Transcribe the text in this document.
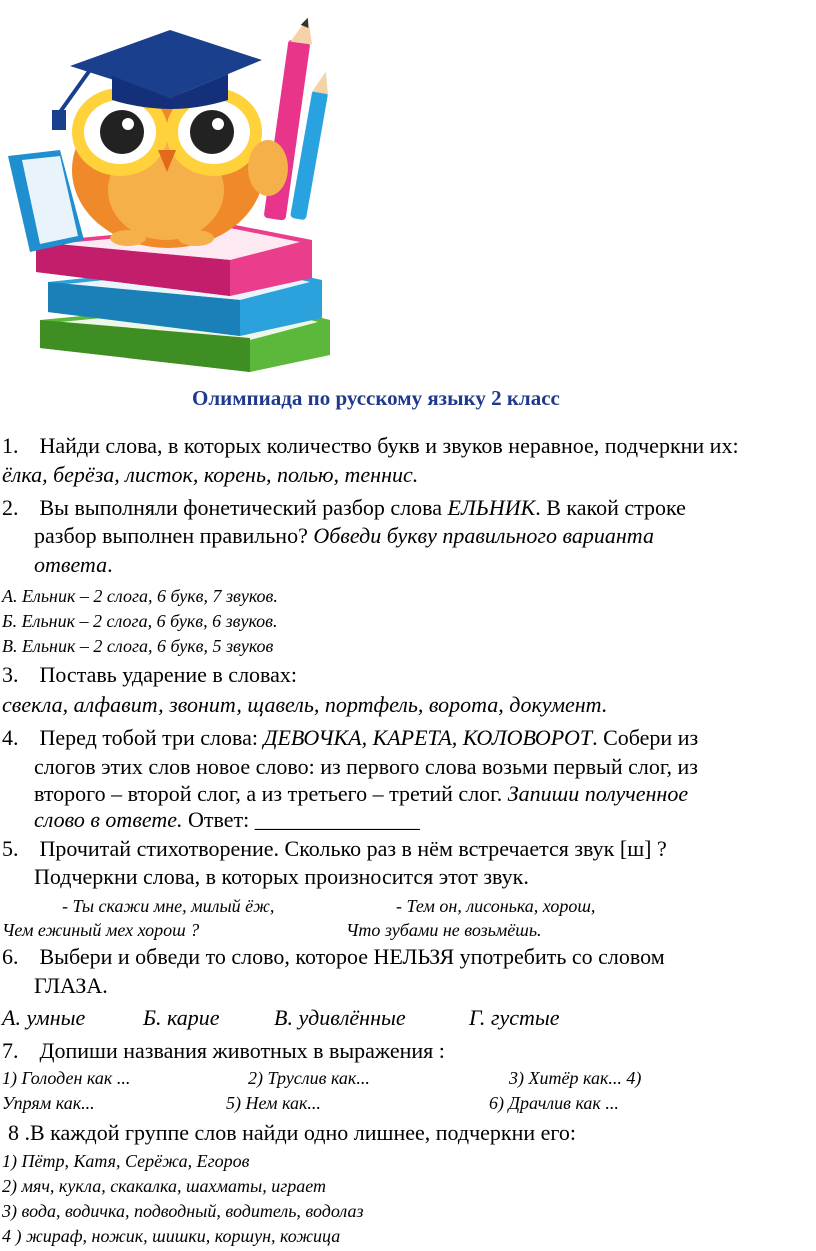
Олимпиада по русскому языку 2 класс
1. Найди слова, в которых количество букв и звуков неравное, подчеркни их:
ёлка, берёза, листок, корень, полью, теннис.
2. Вы выполняли фонетический разбор слова ЕЛЬНИК. В какой строке
разбор выполнен правильно? Обведи букву правильного варианта
ответа.
А. Ельник – 2 слога, 6 букв, 7 звуков.
Б. Ельник – 2 слога, 6 букв, 6 звуков.
В. Ельник – 2 слога, 6 букв, 5 звуков
3. Поставь ударение в словах:
свекла, алфавит, звонит, щавель, портфель, ворота, документ.
4. Перед тобой три слова: ДЕВОЧКА, КАРЕТА, КОЛОВОРОТ. Собери из
слогов этих слов новое слово: из первого слова возьми первый слог, из
второго – второй слог, а из третьего – третий слог. Запиши полученное
слово в ответе. Ответ: _______________
5. Прочитай стихотворение. Сколько раз в нём встречается звук [ш] ?
Подчеркни слова, в которых произносится этот звук.
- Ты скажи мне, милый ёж,	- Тем он, лисонька, хорош,
Чем ежиный мех хорош ?	Что зубами не возьмёшь.
6. Выбери и обведи то слово, которое НЕЛЬЗЯ употребить со словом
ГЛАЗА.
А. умные	Б. карие В. удивлённые	Г. густые
7. Допиши названия животных в выражения :
1) Голоден как ...	2) Труслив как...	3) Хитёр как... 4)
Упрям как...	5) Нем как...	6) Драчлив как ...
8 .В каждой группе слов найди одно лишнее, подчеркни его:
1) Пётр, Катя, Серёжа, Егоров
2) мяч, кукла, скакалка, шахматы, играет
3) вода, водичка, подводный, водитель, водолаз
4 ) жираф, ножик, шишки, коршун, кожица
